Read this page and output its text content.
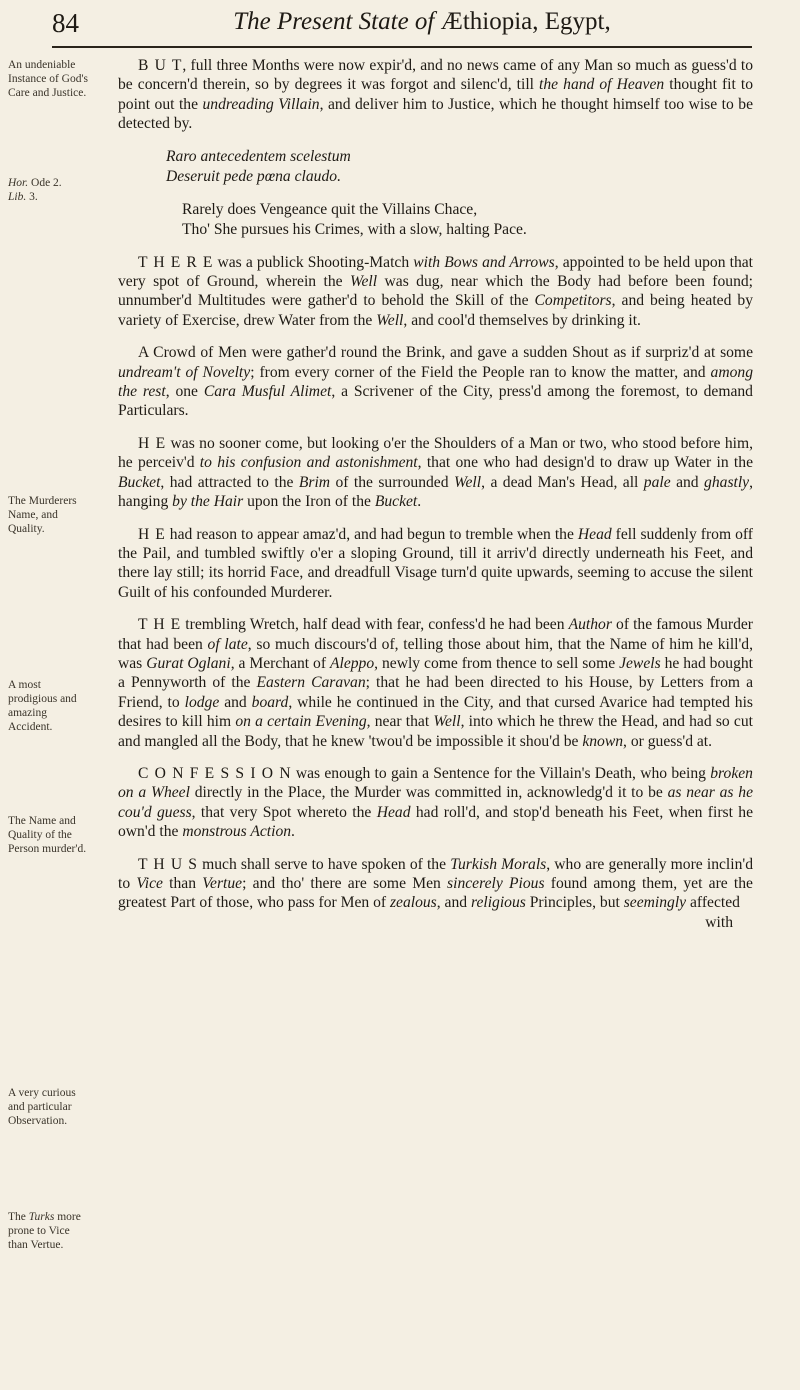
84	The Present State of Æthiopia, Egypt,
An undeniable Instance of God's Care and Justice.
Hor. Ode 2.
Lib. 3.
The Murderers Name, and Quality.
A most prodigious and amazing Accident.
The Name and Quality of the Person murder'd.
A very curious and particular Observation.
The Turks more prone to Vice than Vertue.

B U T, full three Months were now expir'd, and no news came of any Man so much as guess'd to be concern'd therein, so by degrees it was forgot and silenc'd, till the hand of Heaven thought fit to point out the undreading Villain, and deliver him to Justice, which he thought himself too wise to be detected by.

Raro antecedentem scelestum

Deseruit pede pœna claudo.

Rarely does Vengeance quit the Villains Chace,

Tho' She pursues his Crimes, with a slow, halting Pace.

T H E R E was a publick Shooting-Match with Bows and Arrows, appointed to be held upon that very spot of Ground, wherein the Well was dug, near which the Body had before been found; unnumber'd Multitudes were gather'd to behold the Skill of the Competitors, and being heated by variety of Exercise, drew Water from the Well, and cool'd themselves by drinking it.

A Crowd of Men were gather'd round the Brink, and gave a sudden Shout as if surpriz'd at some undream't of Novelty; from every corner of the Field the People ran to know the matter, and among the rest, one Cara Musful Alimet, a Scrivener of the City, press'd among the foremost, to demand Particulars.

H E was no sooner come, but looking o'er the Shoulders of a Man or two, who stood before him, he perceiv'd to his confusion and astonishment, that one who had design'd to draw up Water in the Bucket, had attracted to the Brim of the surrounded Well, a dead Man's Head, all pale and ghastly, hanging by the Hair upon the Iron of the Bucket.

H E had reason to appear amaz'd, and had begun to tremble when the Head fell suddenly from off the Pail, and tumbled swiftly o'er a sloping Ground, till it arriv'd directly underneath his Feet, and there lay still; its horrid Face, and dreadfull Visage turn'd quite upwards, seeming to accuse the silent Guilt of his confounded Murderer.

T H E trembling Wretch, half dead with fear, confess'd he had been Author of the famous Murder that had been of late, so much discours'd of, telling those about him, that the Name of him he kill'd, was Gurat Oglani, a Merchant of Aleppo, newly come from thence to sell some Jewels he had bought a Pennyworth of the Eastern Caravan; that he had been directed to his House, by Letters from a Friend, to lodge and board, while he continued in the City, and that cursed Avarice had tempted his desires to kill him on a certain Evening, near that Well, into which he threw the Head, and had so cut and mangled all the Body, that he knew 'twou'd be impossible it shou'd be known, or guess'd at.

C O N F E S S I O N was enough to gain a Sentence for the Villain's Death, who being broken on a Wheel directly in the Place, the Murder was committed in, acknowledg'd it to be as near as he cou'd guess, that very Spot whereto the Head had roll'd, and stop'd beneath his Feet, when first he own'd the monstrous Action.

T H U S much shall serve to have spoken of the Turkish Morals, who are generally more inclin'd to Vice than Vertue; and tho' there are some Men sincerely Pious found among them, yet are the greatest Part of those, who pass for Men of zealous, and religious Principles, but seemingly affected

with
